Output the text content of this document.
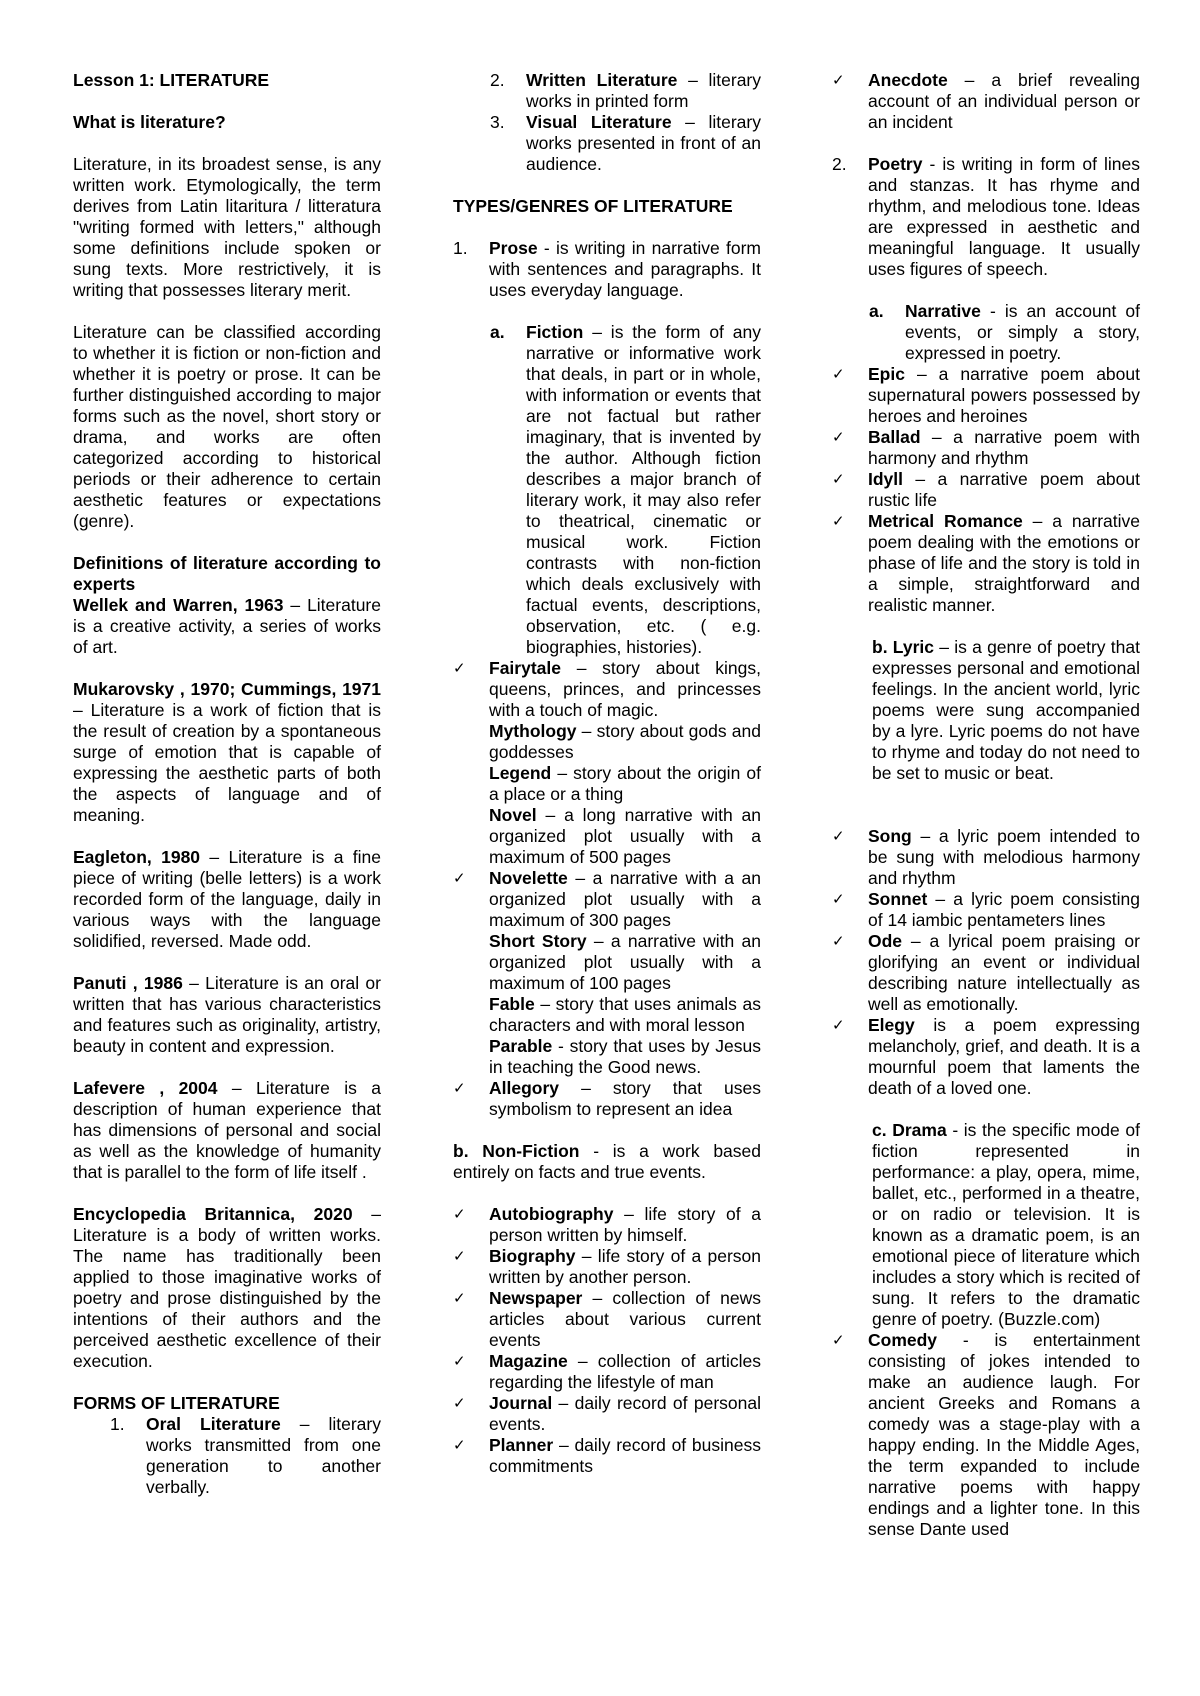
Lesson 1: LITERATURE

What is literature?

Literature, in its broadest sense, is any written work. Etymologically, the term derives from Latin litaritura / litteratura "writing formed with letters," although some definitions include spoken or sung texts. More restrictively, it is writing that possesses literary merit.

Literature can be classified according to whether it is fiction or non-fiction and whether it is poetry or prose. It can be further distinguished according to major forms such as the novel, short story or drama, and works are often categorized according to historical periods or their adherence to certain aesthetic features or expectations (genre).

Definitions of literature according to experts

Wellek and Warren, 1963 – Literature is a creative activity, a series of works of art.

Mukarovsky , 1970; Cummings, 1971 – Literature is a work of fiction that is the result of creation by a spontaneous surge of emotion that is capable of expressing the aesthetic parts of both the aspects of language and of meaning.

Eagleton, 1980 – Literature is a fine piece of writing (belle letters) is a work recorded form of the language, daily in various ways with the language solidified, reversed. Made odd.

Panuti , 1986 – Literature is an oral or written that has various characteristics and features such as originality, artistry, beauty in content and expression.

Lafevere , 2004 – Literature is a description of human experience that has dimensions of personal and social as well as the knowledge of humanity that is parallel to the form of life itself .

Encyclopedia Britannica, 2020 – Literature is a body of written works. The name has traditionally been applied to those imaginative works of poetry and prose distinguished by the intentions of their authors and the perceived aesthetic excellence of their execution.

FORMS OF LITERATURE

1. Oral Literature – literary works transmitted from one generation to another verbally.
2. Written Literature – literary works in printed form
3. Visual Literature – literary works presented in front of an audience.

TYPES/GENRES OF LITERATURE

1. Prose - is writing in narrative form with sentences and paragraphs. It uses everyday language.
a. Fiction – is the form of any narrative or informative work that deals, in part or in whole, with information or events that are not factual but rather imaginary, that is invented by the author. Although fiction describes a major branch of literary work, it may also refer to theatrical, cinematic or musical work. Fiction contrasts with non-fiction which deals exclusively with factual events, descriptions, observation, etc. ( e.g. biographies, histories).
✓ Fairytale – story about kings, queens, princes, and princesses with a touch of magic.
Mythology – story about gods and goddesses
Legend – story about the origin of a place or a thing
Novel – a long narrative with an organized plot usually with a maximum of 500 pages
✓ Novelette – a narrative with a an organized plot usually with a maximum of 300 pages
Short Story – a narrative with an organized plot usually with a maximum of 100 pages
Fable – story that uses animals as characters and with moral lesson
Parable - story that uses by Jesus in teaching the Good news.
✓ Allegory – story that uses symbolism to represent an idea

b. Non-Fiction - is a work based entirely on facts and true events.

✓ Autobiography – life story of a person written by himself.
✓ Biography – life story of a person written by another person.
✓ Newspaper – collection of news articles about various current events
✓ Magazine – collection of articles regarding the lifestyle of man
✓ Journal – daily record of personal events.
✓ Planner – daily record of business commitments
✓ Anecdote – a brief revealing account of an individual person or an incident
2. Poetry - is writing in form of lines and stanzas. It has rhyme and rhythm, and melodious tone. Ideas are expressed in aesthetic and meaningful language. It usually uses figures of speech.
a. Narrative - is an account of events, or simply a story, expressed in poetry.
✓ Epic – a narrative poem about supernatural powers possessed by heroes and heroines
✓ Ballad – a narrative poem with harmony and rhythm
✓ Idyll – a narrative poem about rustic life
✓ Metrical Romance – a narrative poem dealing with the emotions or phase of life and the story is told in a simple, straightforward and realistic manner.

b. Lyric – is a genre of poetry that expresses personal and emotional feelings. In the ancient world, lyric poems were sung accompanied by a lyre. Lyric poems do not have to rhyme and today do not need to be set to music or beat.

✓ Song – a lyric poem intended to be sung with melodious harmony and rhythm
✓ Sonnet – a lyric poem consisting of 14 iambic pentameters lines
✓ Ode – a lyrical poem praising or glorifying an event or individual describing nature intellectually as well as emotionally.
✓ Elegy is a poem expressing melancholy, grief, and death. It is a mournful poem that laments the death of a loved one.

c. Drama - is the specific mode of fiction represented in performance: a play, opera, mime, ballet, etc., performed in a theatre, or on radio or television. It is known as a dramatic poem, is an emotional piece of literature which includes a story which is recited of sung. It refers to the dramatic genre of poetry. (Buzzle.com)

✓ Comedy - is entertainment consisting of jokes intended to make an audience laugh. For ancient Greeks and Romans a comedy was a stage-play with a happy ending. In the Middle Ages, the term expanded to include narrative poems with happy endings and a lighter tone. In this sense Dante used
